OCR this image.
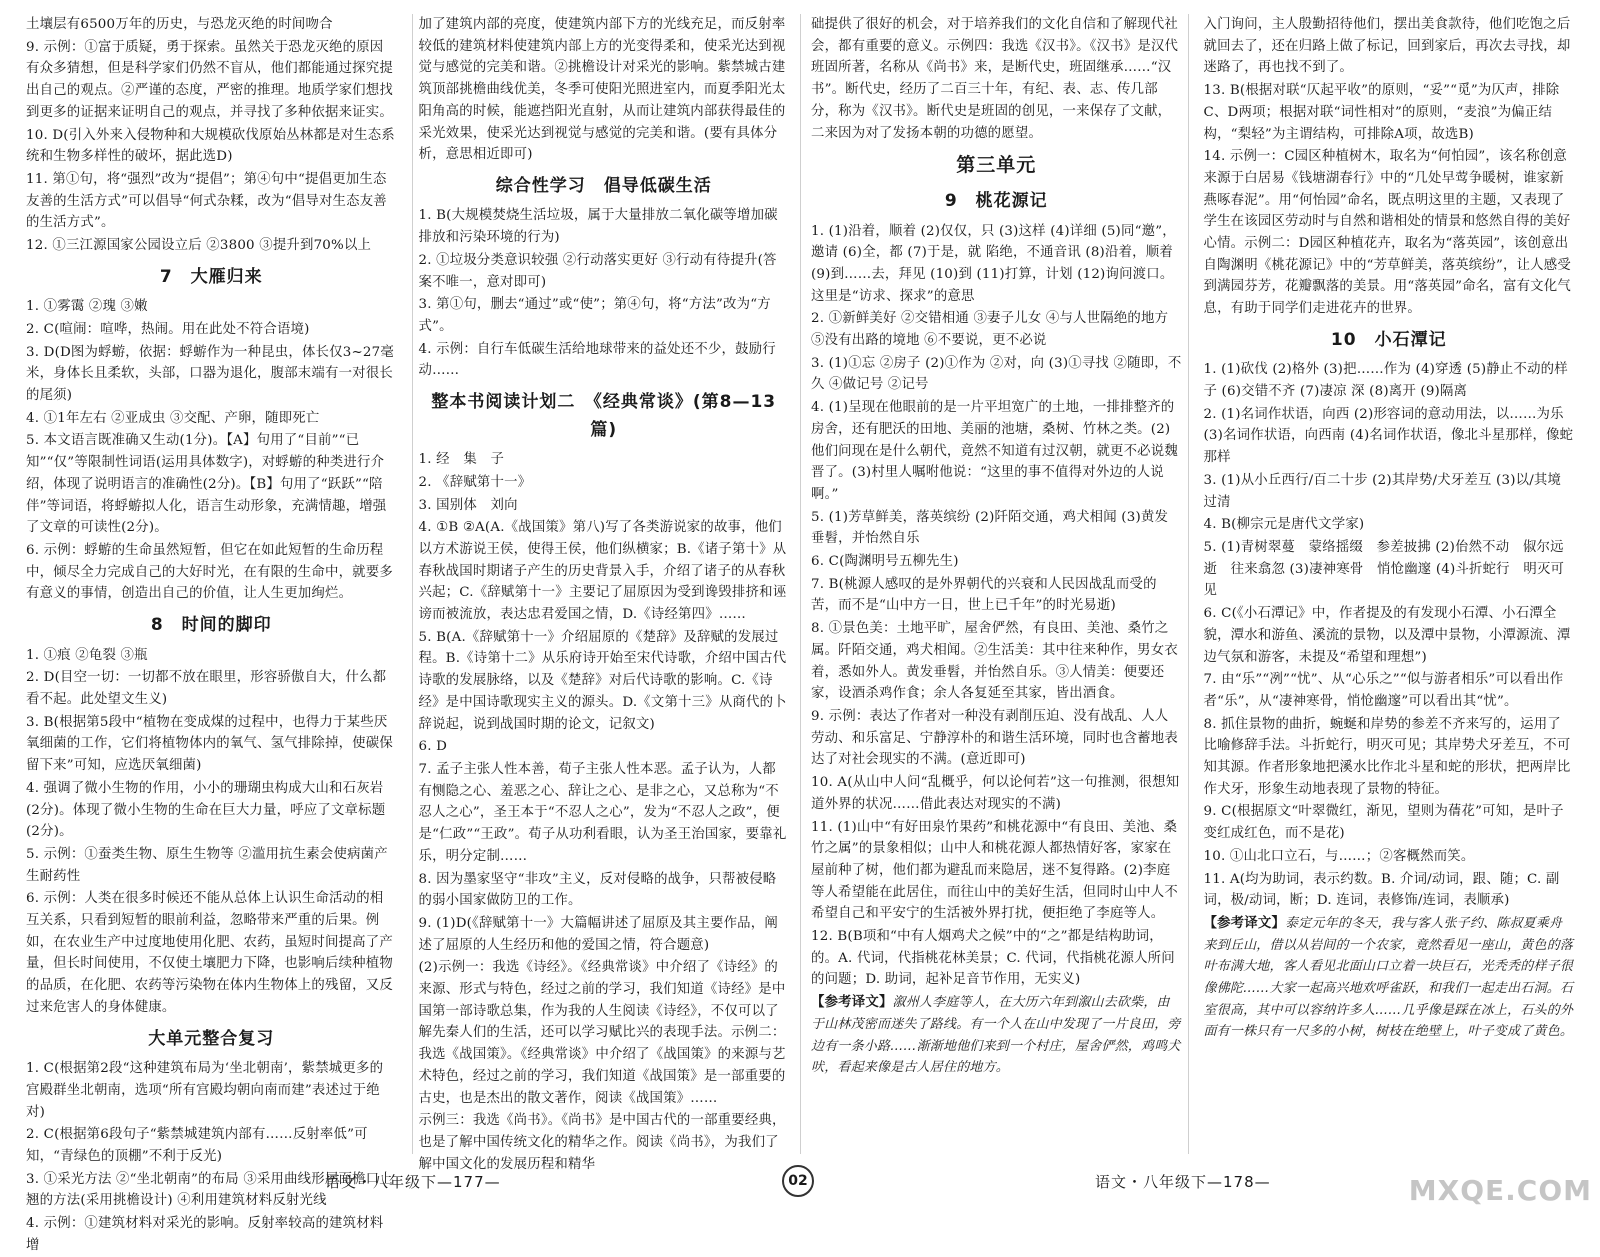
土壤层有6500万年的历史，与恐龙灭绝的时间吻合

9. 示例：①富于质疑，勇于探索。虽然关于恐龙灭绝的原因有众多猜想，但是科学家们仍然不盲从，他们都能通过探究提出自己的观点。②严谨的态度，严密的推理。地质学家们想找到更多的证据来证明自己的观点，并寻找了多种依据来证实。

10. D(引入外来入侵物种和大规模砍伐原始丛林都是对生态系统和生物多样性的破坏，据此选D)

11. 第①句，将“强烈”改为“提倡”；第④句中“提倡更加生态友善的生活方式”可以倡导“何式杂糅，改为“倡导对生态友善的生活方式”。

12. ①三江源国家公园设立后 ②3800 ③提升到70%以上

7　大雁归来

1. ①雾霭 ②瑰 ③嫩

2. C(喧闹：喧哗，热闹。用在此处不符合语境)

3. D(D图为蜉蝣，依据：蜉蝣作为一种昆虫，体长仅3~27毫米，身体长且柔软，头部，口器为退化，腹部末端有一对很长的尾须)

4. ①1年左右 ②亚成虫 ③交配、产卵，随即死亡

5. 本文语言既准确又生动(1分)。【A】句用了“目前”“已知”“仅”等限制性词语(运用具体数字)，对蜉蝣的种类进行介绍，体现了说明语言的准确性(2分)。【B】句用了“跃跃”“陪伴”等词语，将蜉蝣拟人化，语言生动形象，充满情趣，增强了文章的可读性(2分)。

6. 示例：蜉蝣的生命虽然短暂，但它在如此短暂的生命历程中，倾尽全力完成自己的大好时光，在有限的生命中，就要多有意义的事情，创造出自己的价值，让人生更加绚烂。

8　时间的脚印

1. ①痕 ②龟裂 ③瓶

2. D(目空一切：一切都不放在眼里，形容骄傲自大，什么都看不起。此处望文生义)

3. B(根据第5段中“植物在变成煤的过程中，也得力于某些厌氧细菌的工作，它们将植物体内的氧气、氢气排除掉，使碳保留下来”可知，应选厌氧细菌)

4. 强调了微小生物的作用，小小的珊瑚虫构成大山和石灰岩(2分)。体现了微小生物的生命在巨大力量，呼应了文章标题(2分)。

5. 示例：①蚕类生物、原生生物等 ②滥用抗生素会使病菌产生耐药性

6. 示例：人类在很多时候还不能从总体上认识生命活动的相互关系，只看到短暂的眼前利益，忽略带来严重的后果。例如，在农业生产中过度地使用化肥、农药，虽短时间提高了产量，但长时间使用，不仅使土壤肥力下降，也影响后续种植物的品质，在化肥、农药等污染物在体内生物体上的残留，又反过来危害人的身体健康。

大单元整合复习

1. C(根据第2段“这种建筑布局为‘坐北朝南’，紫禁城更多的宫殿群坐北朝南，选项“所有宫殿均朝向南而建”表述过于绝对)

2. C(根据第6段句子“紫禁城建筑内部有……反射率低”可知，“青绿色的顶棚”不利于反光)

3. ①采光方法 ②“坐北朝南”的布局 ③采用曲线形屋面檐口上翘的方法(采用挑檐设计) ④利用建筑材料反射光线

4. 示例：①建筑材料对采光的影响。反射率较高的建筑材料增

加了建筑内部的亮度，使建筑内部下方的光线充足，而反射率较低的建筑材料使建筑内部上方的光变得柔和，使采光达到视觉与感觉的完美和谐。②挑檐设计对采光的影响。紫禁城古建筑顶部挑檐曲线优美，冬季可使阳光照进室内，而夏季阳光太阳角高的时候，能遮挡阳光直射，从而让建筑内部获得最佳的采光效果，使采光达到视觉与感觉的完美和谐。(要有具体分析，意思相近即可)

综合性学习　倡导低碳生活

1. B(大规模焚烧生活垃圾，属于大量排放二氧化碳等增加碳排放和污染环境的行为)

2. ①垃圾分类意识较强 ②行动落实更好 ③行动有待提升(答案不唯一，意对即可)

3. 第①句，删去“通过”或“使”；第④句，将“方法”改为“方式”。

4. 示例：自行车低碳生活给地球带来的益处还不少，鼓励行动……

整本书阅读计划二　《经典常谈》(第8—13篇)

1. 经　集　子

2. 《辞赋第十一》

3. 国别体　刘向

4. ①B ②A(A.《战国策》第八)写了各类游说家的故事，他们以方术游说王侯，使得王侯，他们纵横家；B.《诸子第十》从春秋战国时期诸子产生的历史背景入手，介绍了诸子的从春秋兴起；C.《辞赋第十一》主要记了屈原因为受到谗毁排挤和诬谤而被流放，表达忠君爱国之情，D.《诗经第四》……

5. B(A.《辞赋第十一》介绍屈原的《楚辞》及辞赋的发展过程。B.《诗第十二》从乐府诗开始至宋代诗歌，介绍中国古代诗歌的发展脉络，以及《楚辞》对后代诗歌的影响。C.《诗经》是中国诗歌现实主义的源头。D.《文第十三》从商代的卜辞说起，说到战国时期的论文，记叙文)

6. D

7. 孟子主张人性本善，荀子主张人性本恶。孟子认为，人都有恻隐之心、羞恶之心、辞让之心、是非之心，又总称为“不忍人之心”，圣王本于“不忍人之心”，发为“不忍人之政”，便是“仁政”“王政”。荀子从功利看眼，认为圣王治国家，要靠礼乐，明分定制……

8. 因为墨家坚守“非攻”主义，反对侵略的战争，只帮被侵略的弱小国家做防卫的工作。

9. (1)D(《辞赋第十一》大篇幅讲述了屈原及其主要作品，阐述了屈原的人生经历和他的爱国之情，符合题意)

(2)示例一：我选《诗经》。《经典常谈》中介绍了《诗经》的来源、形式与特色，经过之前的学习，我们知道《诗经》是中国第一部诗歌总集，作为我的人生阅读《诗经》，不仅可以了解先秦人们的生活，还可以学习赋比兴的表现手法。示例二：我选《战国策》。《经典常谈》中介绍了《战国策》的来源与艺术特色，经过之前的学习，我们知道《战国策》是一部重要的古史，也是杰出的散文著作，阅读《战国策》……

示例三：我选《尚书》。《尚书》是中国古代的一部重要经典，也是了解中国传统文化的精华之作。阅读《尚书》，为我们了解中国文化的发展历程和精华

础提供了很好的机会，对于培养我们的文化自信和了解现代社会，都有重要的意义。示例四：我选《汉书》。《汉书》是汉代班固所著，名称从《尚书》来，是断代史，班固继承……“汉书”。断代史，经历了二百三十年，有纪、表、志、传几部分，称为《汉书》。断代史是班固的创见，一来保存了文献，二来因为对了发扬本朝的功德的愿望。

第三单元
9　桃花源记

1. (1)沿着，顺着 (2)仅仅，只 (3)这样 (4)详细 (5)同“邀”，邀请 (6)全，都 (7)于是，就 陷绝，不通音讯 (8)沿着，顺着 (9)到……去，拜见 (10)到 (11)打算，计划 (12)询问渡口。这里是“访求、探求”的意思

2. ①新鲜美好 ②交错相通 ③妻子儿女 ④与人世隔绝的地方 ⑤没有出路的境地 ⑥不要说，更不必说

3. (1)①忘 ②房子 (2)①作为 ②对，向 (3)①寻找 ②随即，不久 ④做记号 ②记号

4. (1)呈现在他眼前的是一片平坦宽广的土地，一排排整齐的房舍，还有肥沃的田地、美丽的池塘，桑树、竹林之类。(2)他们问现在是什么朝代，竟然不知道有过汉朝，就更不必说魏晋了。(3)村里人嘱咐他说：“这里的事不值得对外边的人说啊。”

5. (1)芳草鲜美，落英缤纷 (2)阡陌交通，鸡犬相闻 (3)黄发垂髫，并怡然自乐

6. C(陶渊明号五柳先生)

7. B(桃源人感叹的是外界朝代的兴衰和人民因战乱而受的苦，而不是“山中方一日，世上已千年”的时光易逝)

8. ①景色美：土地平旷，屋舍俨然，有良田、美池、桑竹之属。阡陌交通，鸡犬相闻。②生活美：其中往来种作，男女衣着，悉如外人。黄发垂髫，并怡然自乐。③人情美：便要还家，设酒杀鸡作食；余人各复延至其家，皆出酒食。

9. 示例：表达了作者对一种没有剥削压迫、没有战乱、人人劳动、和乐富足、宁静淳朴的和谐生活环境，同时也含蓄地表达了对社会现实的不满。(意近即可)

10. A(从山中人问“乱概乎，何以论何若”这一句推测，很想知道外界的状况……借此表达对现实的不满)

11. (1)山中“有好田泉竹果药”和桃花源中“有良田、美池、桑竹之属”的景象相似；山中人和桃花源人都热情好客，家家在屋前种了树，他们都为避乱而来隐居，迷不复得路。(2)李庭等人希望能在此居住，而往山中的美好生活，但同时山中人不希望自己和平安宁的生活被外界打扰，便拒绝了李庭等人。

12. B(B项和“中有人烟鸡犬之候”中的“之”都是结构助词，的。A. 代词，代指桃花林美景；C. 代词，代指桃花源人所问的问题；D. 助词，起补足音节作用，无实义)

【参考译文】溆州人李庭等人，在大历六年到溆山去砍柴，由于山林茂密而迷失了路线。有一个人在山中发现了一片良田，旁边有一条小路……渐渐地他们来到一个村庄，屋舍俨然，鸡鸣犬吠，看起来像是古人居住的地方。

入门询问，主人殷勤招待他们，摆出美食款待，他们吃饱之后就回去了，还在归路上做了标记，回到家后，再次去寻找，却迷路了，再也找不到了。

13. B(根据对联“仄起平收”的原则，“妥”“觅”为仄声，排除C、D两项；根据对联“词性相对”的原则，“麦浪”为偏正结构，“梨轻”为主谓结构，可排除A项，故选B)

14. 示例一：C园区种植树木，取名为“何怕园”，该名称创意来源于白居易《钱塘湖春行》中的“几处早莺争暖树，谁家新燕啄春泥”。用“何怡园”命名，既点明这里的主题，又表现了学生在该园区劳动时与自然和谐相处的情景和悠然自得的美好心情。示例二：D园区种植花卉，取名为“落英园”，该创意出自陶渊明《桃花源记》中的“芳草鲜美，落英缤纷”，让人感受到满园芬芳，花瓣飘落的美景。用“落英园”命名，富有文化气息，有助于同学们走进花卉的世界。

10　小石潭记

1. (1)砍伐 (2)格外 (3)把……作为 (4)穿透 (5)静止不动的样子 (6)交错不齐 (7)凄凉 深 (8)离开 (9)隔离

2. (1)名词作状语，向西 (2)形容词的意动用法，以……为乐 (3)名词作状语，向西南 (4)名词作状语，像北斗星那样，像蛇那样

3. (1)从小丘西行/百二十步 (2)其岸势/犬牙差互 (3)以/其境过清

4. B(柳宗元是唐代文学家)

5. (1)青树翠蔓　蒙络摇缀　参差披拂 (2)佁然不动　俶尔远逝　往来翕忽 (3)凄神寒骨　悄怆幽邃 (4)斗折蛇行　明灭可见

6. C(《小石潭记》中，作者提及的有发现小石潭、小石潭全貌，潭水和游鱼、溪流的景物，以及潭中景物，小潭源流、潭边气氛和游客，未提及“希望和理想”)

7. 由“乐”“冽”“忧”、从“心乐之”“似与游者相乐”可以看出作者“乐”，从“凄神寒骨，悄怆幽邃”可以看出其“忧”。

8. 抓住景物的曲折，蜿蜒和岸势的参差不齐来写的，运用了比喻修辞手法。斗折蛇行，明灭可见；其岸势犬牙差互，不可知其源。作者形象地把溪水比作北斗星和蛇的形状，把两岸比作犬牙，形象生动地表现了景物的特征。

9. C(根据原文“叶翠微红，渐见，望则为蒨花”可知，是叶子变红成红色，而不是花)

10. ①山北口立石，与……；②客概然而笑。

11. A(均为助词，表示约数。B. 介词/动词，跟、随；C. 副词，极/动词，断；D. 连词，表修饰/连词，表顺承)

【参考译文】泰定元年的冬天，我与客人张子约、陈叔夏乘舟来到丘山，借以从岩间的一个农家，竟然看见一座山，黄色的落叶布满大地，客人看见北面山口立着一块巨石，光秃秃的样子很像佛陀……大家一起高兴地欢呼雀跃，和我们一起走出石洞。石室很高，其中可以容纳许多人……几乎像是踩在冰上，石头的外面有一株只有一尺多的小树，树枝在绝壁上，叶子变成了黄色。

语文・八年级下—177—	02	语文・八年级下—178—	MXQE.COM
